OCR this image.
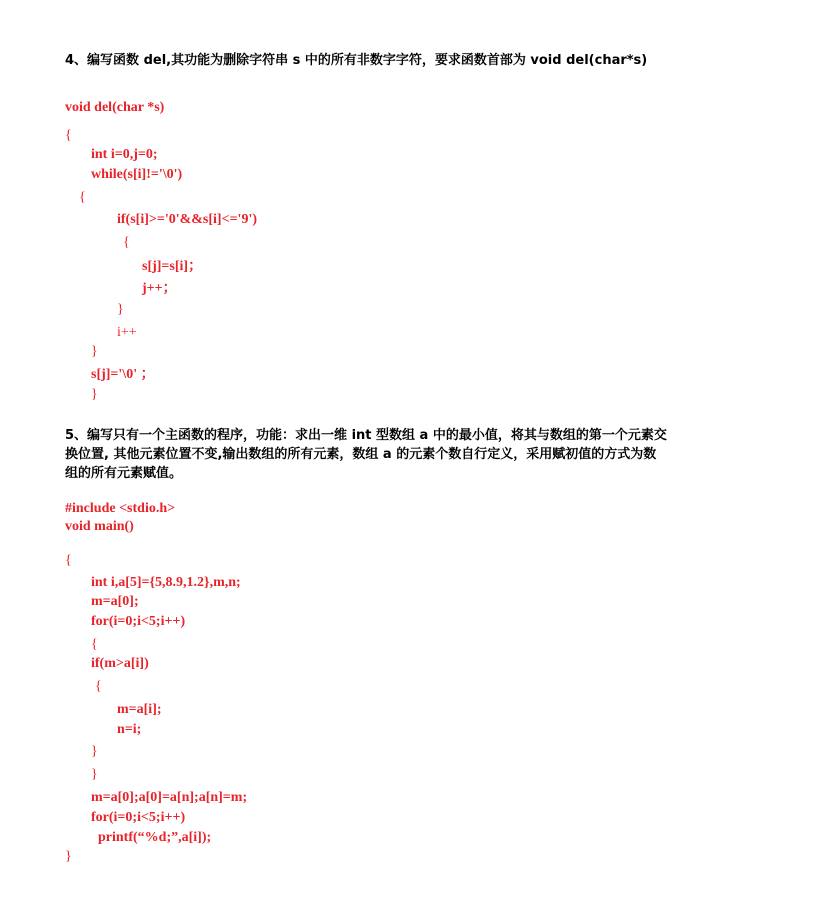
4、编写函数 del,其功能为删除字符串 s 中的所有非数字字符，要求函数首部为 void del(char*s)
void del(char *s)
{
int i=0,j=0;
while(s[i]!='\0')
{
if(s[i]>='0'&&s[i]<='9')
{
s[j]=s[i]；
j++；
}
i++
}
s[j]='\0' ；
}
5、编写只有一个主函数的程序，功能：求出一维 int 型数组 a 中的最小值，将其与数组的第一个元素交
换位置, 其他元素位置不变,输出数组的所有元素，数组 a 的元素个数自行定义，采用赋初值的方式为数
组的所有元素赋值。
#include <stdio.h>
void main()
{
int i,a[5]={5,8.9,1.2},m,n;
m=a[0];
for(i=0;i<5;i++)
{
if(m>a[i])
{
m=a[i];
n=i;
}
}
m=a[0];a[0]=a[n];a[n]=m;
for(i=0;i<5;i++)
printf(“%d;”,a[i]);
}
